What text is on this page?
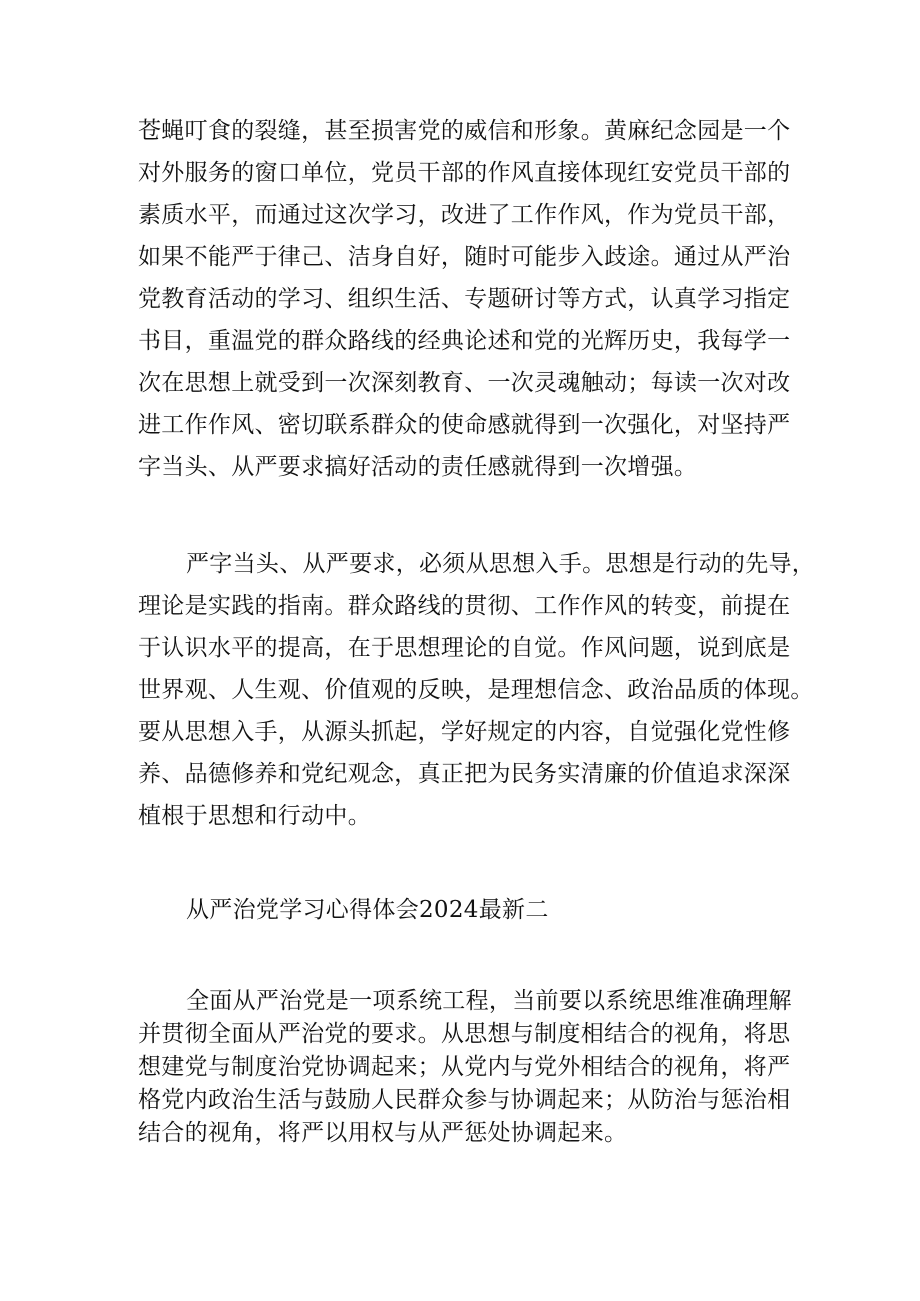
苍蝇叮食的裂缝，甚至损害党的威信和形象。黄麻纪念园是一个
对外服务的窗口单位，党员干部的作风直接体现红安党员干部的
素质水平，而通过这次学习，改进了工作作风，作为党员干部，
如果不能严于律己、洁身自好，随时可能步入歧途。通过从严治
党教育活动的学习、组织生活、专题研讨等方式，认真学习指定
书目，重温党的群众路线的经典论述和党的光辉历史，我每学一
次在思想上就受到一次深刻教育、一次灵魂触动；每读一次对改
进工作作风、密切联系群众的使命感就得到一次强化，对坚持严
字当头、从严要求搞好活动的责任感就得到一次增强。
严字当头、从严要求，必须从思想入手。思想是行动的先导，
理论是实践的指南。群众路线的贯彻、工作作风的转变，前提在
于认识水平的提高，在于思想理论的自觉。作风问题，说到底是
世界观、人生观、价值观的反映，是理想信念、政治品质的体现。
要从思想入手，从源头抓起，学好规定的内容，自觉强化党性修
养、品德修养和党纪观念，真正把为民务实清廉的价值追求深深
植根于思想和行动中。
从严治党学习心得体会2024最新二
全面从严治党是一项系统工程，当前要以系统思维准确理解
并贯彻全面从严治党的要求。从思想与制度相结合的视角，将思
想建党与制度治党协调起来；从党内与党外相结合的视角，将严
格党内政治生活与鼓励人民群众参与协调起来；从防治与惩治相
结合的视角，将严以用权与从严惩处协调起来。
